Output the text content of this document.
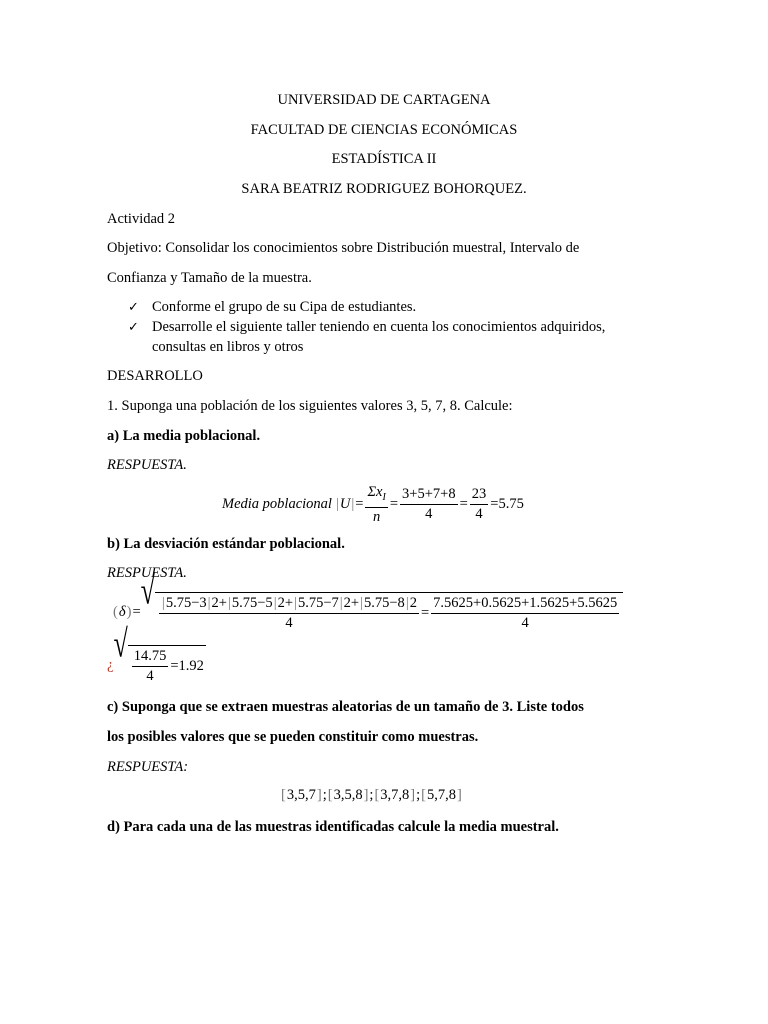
UNIVERSIDAD DE CARTAGENA
FACULTAD DE CIENCIAS ECONÓMICAS
ESTADÍSTICA II
SARA BEATRIZ RODRIGUEZ BOHORQUEZ.
Actividad 2
Objetivo: Consolidar los conocimientos sobre Distribución muestral, Intervalo de
Confianza y Tamaño de la muestra.
✓ Conforme el grupo de su Cipa de estudiantes.
✓ Desarrolle el siguiente taller teniendo en cuenta los conocimientos adquiridos,
consultas en libros y otros
DESARROLLO
1. Suponga una población de los siguientes valores 3, 5, 7, 8. Calcule:
a) La media poblacional.
RESPUESTA.
Media poblacional | U | = $\frac{\Sigma x_I}{n} = \frac{3+5+7+8}{4} = \frac{23}{4} =5.75$
b) La desviación estándar poblacional.
RESPUESTA.
( δ ) = √
$\frac{|5.75-3|2+|5.75-5|2+|5.75-7|2+|5.75-8|2}{4} = \frac{7.5625+0.5625+1.5625+5.5625}{4}$
¿ √
$\frac{14.75}{4} =1.92$
c) Suponga que se extraen muestras aleatorias de un tamaño de 3. Liste todos
los posibles valores que se pueden constituir como muestras.
RESPUESTA:
[ 3,5,7 ] ; [ 3,5,8 ] ; [ 3,7,8 ] ; [ 5,7,8 ]
d) Para cada una de las muestras identificadas calcule la media muestral.
